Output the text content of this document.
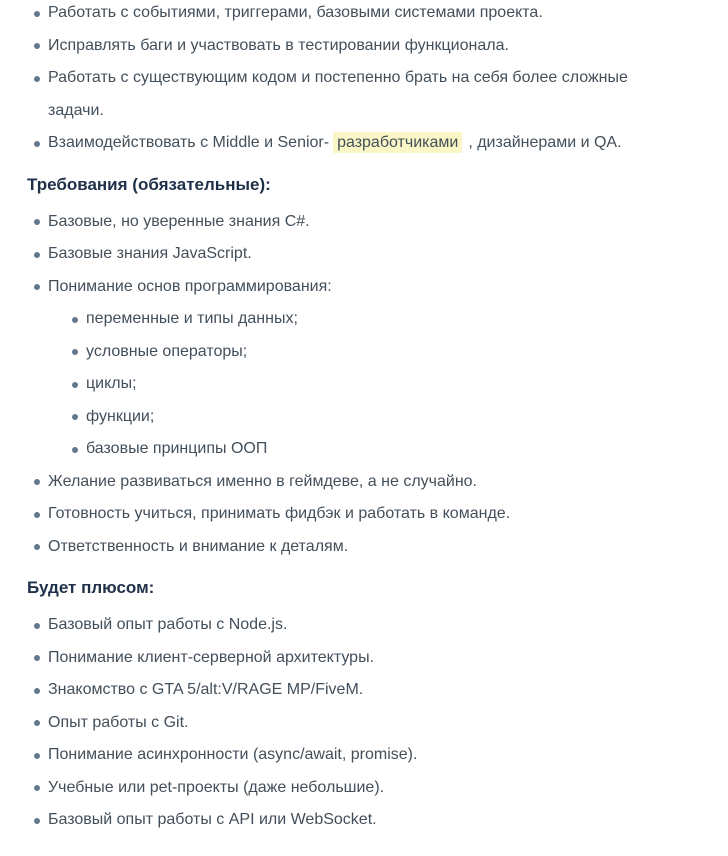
Работать с событиями, триггерами, базовыми системами проекта.
Исправлять баги и участвовать в тестировании функционала.
Работать с существующим кодом и постепенно брать на себя более сложные
задачи.
Взаимодействовать с Middle и Senior- разработчиками , дизайнерами и QA.
Требования (обязательные):
Базовые, но уверенные знания C#.
Базовые знания JavaScript.
Понимание основ программирования:
переменные и типы данных;
условные операторы;
циклы;
функции;
базовые принципы ООП
Желание развиваться именно в геймдеве, а не случайно.
Готовность учиться, принимать фидбэк и работать в команде.
Ответственность и внимание к деталям.
Будет плюсом:
Базовый опыт работы с Node.js.
Понимание клиент-серверной архитектуры.
Знакомство с GTA 5/alt:V/RAGE MP/FiveM.
Опыт работы с Git.
Понимание асинхронности (async/await, promise).
Учебные или pet-проекты (даже небольшие).
Базовый опыт работы с API или WebSocket.
